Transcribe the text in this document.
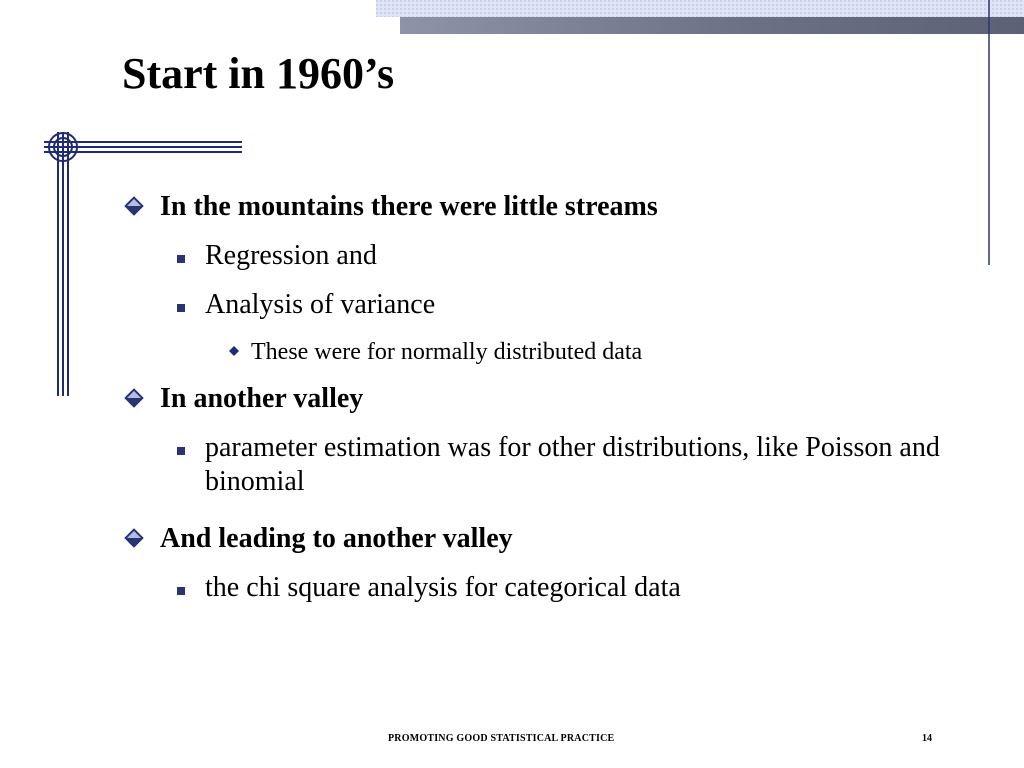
Start in 1960’s
In the mountains there were little streams
Regression and
Analysis of variance
These were for normally distributed data
In another valley
parameter estimation was for other distributions, like Poisson and binomial
And leading to another valley
the chi square analysis for categorical data
PROMOTING GOOD STATISTICAL PRACTICE	14
